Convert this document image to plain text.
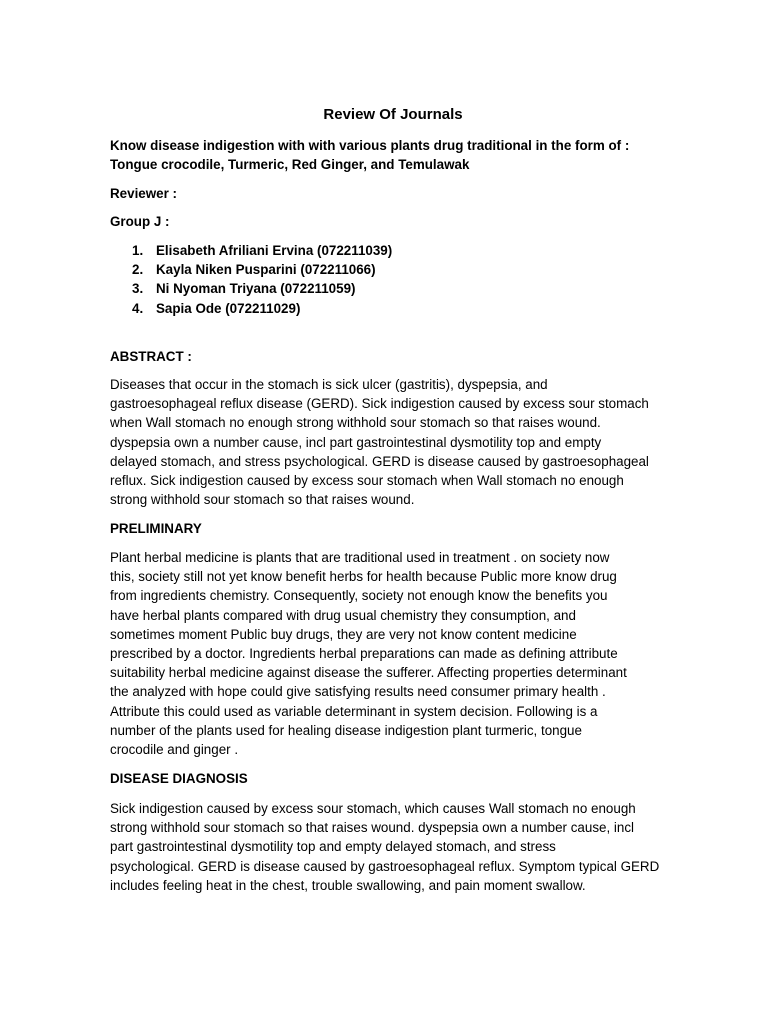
Review Of Journals

Know disease indigestion with with various plants drug traditional in the form of :
Tongue crocodile, Turmeric, Red Ginger, and Temulawak

Reviewer :

Group J :

1. Elisabeth Afriliani Ervina (072211039)
2. Kayla Niken Pusparini (072211066)
3. Ni Nyoman Triyana (072211059)
4. Sapia Ode (072211029)

ABSTRACT :

Diseases that occur in the stomach is sick ulcer (gastritis), dyspepsia, and
gastroesophageal reflux disease (GERD). Sick indigestion caused by excess sour stomach
when Wall stomach no enough strong withhold sour stomach so that raises wound.
dyspepsia own a number cause, incl part gastrointestinal dysmotility top and empty
delayed stomach, and stress psychological. GERD is disease caused by gastroesophageal
reflux. Sick indigestion caused by excess sour stomach when Wall stomach no enough
strong withhold sour stomach so that raises wound.

PRELIMINARY

Plant herbal medicine is plants that are traditional used in treatment . on society now
this, society still not yet know benefit herbs for health because Public more know drug
from ingredients chemistry. Consequently, society not enough know the benefits you
have herbal plants compared with drug usual chemistry they consumption, and
sometimes moment Public buy drugs, they are very not know content medicine
prescribed by a doctor. Ingredients herbal preparations can made as defining attribute
suitability herbal medicine against disease the sufferer. Affecting properties determinant
the analyzed with hope could give satisfying results need consumer primary health .
Attribute this could used as variable determinant in system decision. Following is a
number of the plants used for healing disease indigestion plant turmeric, tongue
crocodile and ginger .

DISEASE DIAGNOSIS

Sick indigestion caused by excess sour stomach, which causes Wall stomach no enough
strong withhold sour stomach so that raises wound. dyspepsia own a number cause, incl
part gastrointestinal dysmotility top and empty delayed stomach, and stress
psychological. GERD is disease caused by gastroesophageal reflux. Symptom typical GERD
includes feeling heat in the chest, trouble swallowing, and pain moment swallow.
